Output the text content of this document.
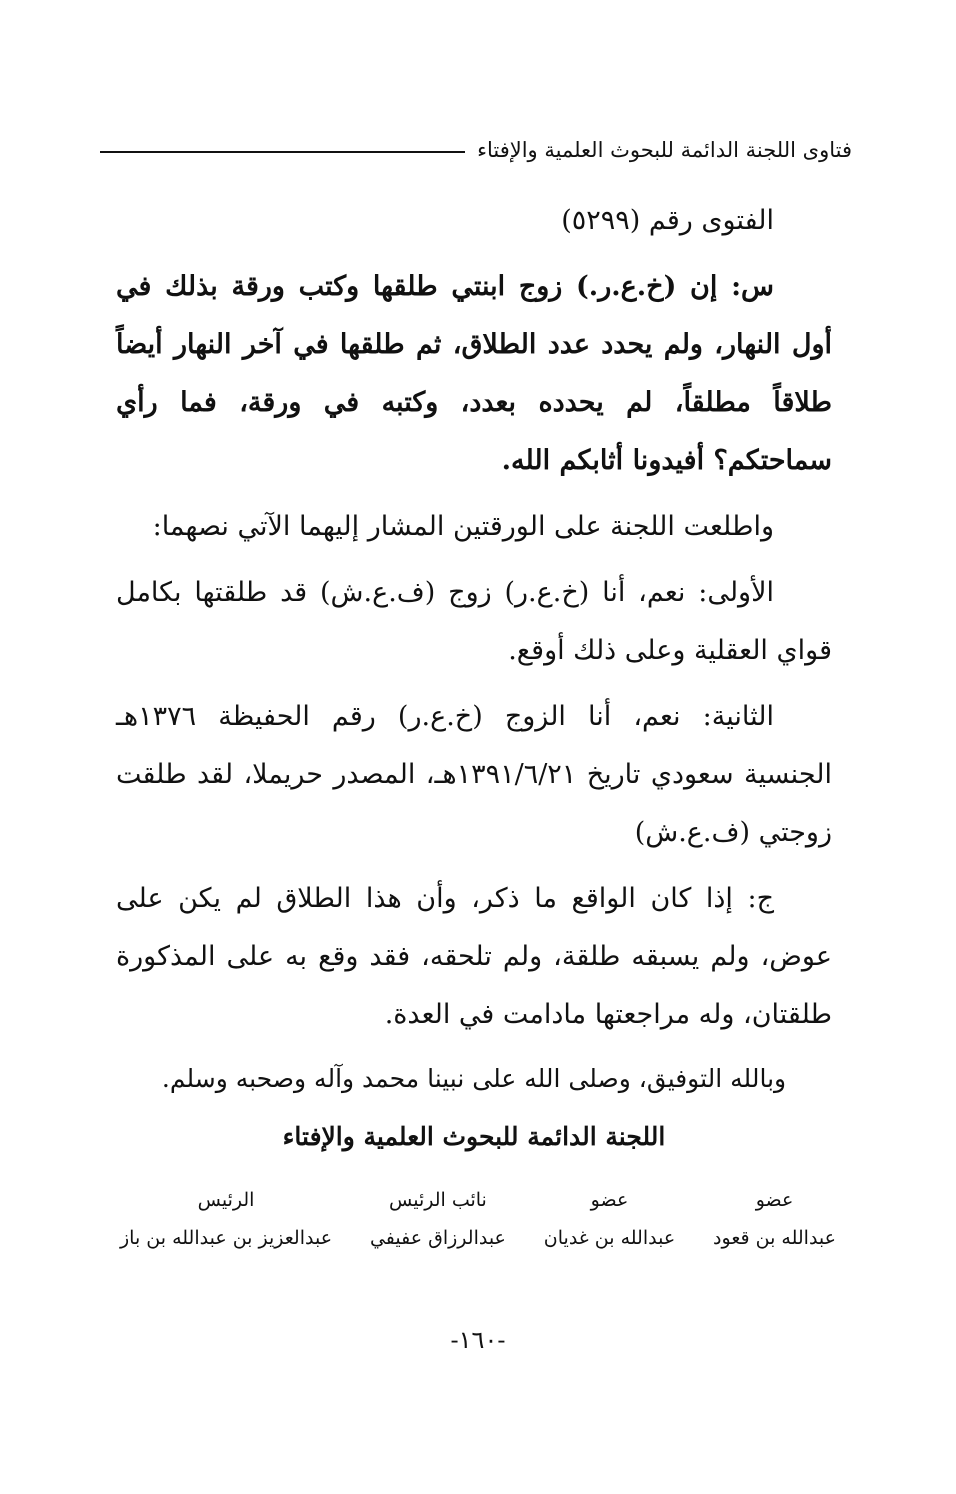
فتاوى اللجنة الدائمة للبحوث العلمية والإفتاء

الفتوى رقم (٥٢٩٩)

س: إن (خ.ع.ر.) زوج ابنتي طلقها وكتب ورقة بذلك في أول النهار، ولم يحدد عدد الطلاق، ثم طلقها في آخر النهار أيضاً طلاقاً مطلقاً، لم يحدده بعدد، وكتبه في ورقة، فما رأي سماحتكم؟ أفيدونا أثابكم الله.

واطلعت اللجنة على الورقتين المشار إليهما الآتي نصهما:

الأولى: نعم، أنا (خ.ع.ر) زوج (ف.ع.ش) قد طلقتها بكامل قواي العقلية وعلى ذلك أوقع.

الثانية: نعم، أنا الزوج (خ.ع.ر) رقم الحفيظة ١٣٧٦هـ الجنسية سعودي تاريخ ١٣٩١/٦/٢١هـ، المصدر حريملا، لقد طلقت زوجتي (ف.ع.ش)

ج: إذا كان الواقع ما ذكر، وأن هذا الطلاق لم يكن على عوض، ولم يسبقه طلقة، ولم تلحقه، فقد وقع به على المذكورة طلقتان، وله مراجعتها مادامت في العدة.

وبالله التوفيق، وصلى الله على نبينا محمد وآله وصحبه وسلم.

اللجنة الدائمة للبحوث العلمية والإفتاء

عضو
عبدالله بن قعود
عضو
عبدالله بن غديان
نائب الرئيس
عبدالرزاق عفيفي
الرئيس
عبدالعزيز بن عبدالله بن باز
-١٦٠-
